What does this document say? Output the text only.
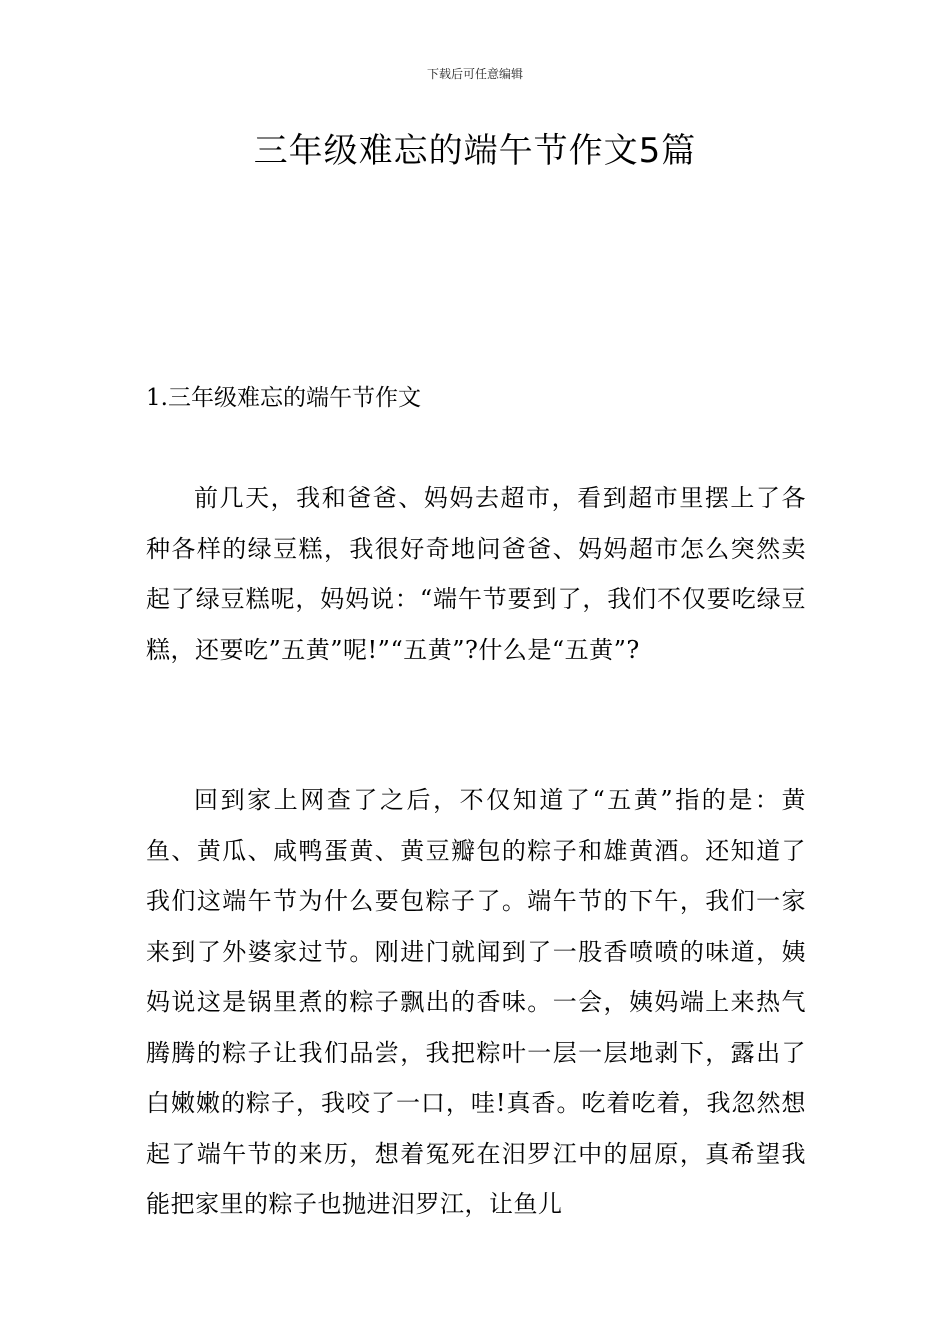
下载后可任意编辑
三年级难忘的端午节作文5篇
1.三年级难忘的端午节作文

前几天，我和爸爸、妈妈去超市，看到超市里摆上了各种各样的绿豆糕，我很好奇地问爸爸、妈妈超市怎么突然卖起了绿豆糕呢，妈妈说：“端午节要到了，我们不仅要吃绿豆糕，还要吃”五黄”呢!”“五黄”?什么是“五黄”?

回到家上网查了之后，不仅知道了“五黄”指的是：黄鱼、黄瓜、咸鸭蛋黄、黄豆瓣包的粽子和雄黄酒。还知道了我们这端午节为什么要包粽子了。端午节的下午，我们一家来到了外婆家过节。刚进门就闻到了一股香喷喷的味道，姨妈说这是锅里煮的粽子飘出的香味。一会，姨妈端上来热气腾腾的粽子让我们品尝，我把粽叶一层一层地剥下，露出了白嫩嫩的粽子，我咬了一口，哇!真香。吃着吃着，我忽然想起了端午节的来历，想着冤死在汨罗江中的屈原，真希望我能把家里的粽子也抛进汨罗江，让鱼儿
